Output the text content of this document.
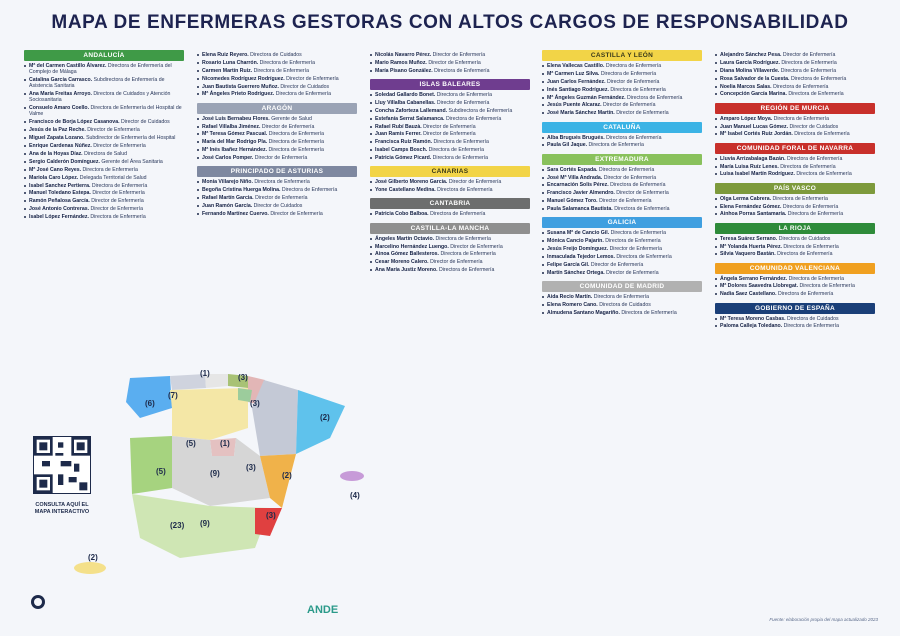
MAPA DE ENFERMERAS GESTORAS CON ALTOS CARGOS DE RESPONSABILIDAD
ANDALUCÍA
Mª del Carmen Castillo Álvarez. Directora de Enfermería del Complejo de Málaga
Catalina García Carrasco. Subdirectora de Enfermería de Asistencia Sanitaria
Ana María Freitas Arroyo. Directora de Cuidados y Atención Sociosanitaria
Consuelo Amaro Coello. Directora de Enfermería del Hospital de Valme
Francisco de Borja López Casanova. Director de Cuidados
Jesús de la Paz Reche. Director de Enfermería
Miguel Zapata Lozano. Subdirector de Enfermería del Hospital
Enrique Cardenas Núñez. Director de Enfermería
Ana de la Hoyas Díaz. Directora de Salud
Sergio Calderón Domínguez. Gerente del Área Sanitaria
Mª José Cano Reyes. Directora de Enfermería
Mariola Caro López. Delegada Territorial de Salud
Isabel Sanchez Pertierra. Directora de Enfermería
Manuel Toledano Estepa. Director de Enfermería
Ramón Peñalosa García. Director de Enfermería
José Antonio Contreras. Director de Enfermería
Isabel López Fernández. Directora de Enfermería
Elena Ruiz Reyero. Directora de Cuidados
Rosario Luna Charrón. Directora de Enfermería
Carmen Martín Ruiz. Directora de Enfermería
Nicomedes Rodríguez Rodríguez. Director de Enfermería
Juan Bautista Guerrero Muñoz. Director de Cuidados
Mª Ángeles Prieto Rodríguez. Directora de Enfermería
ARAGÓN
José Luis Bernabeu Flores. Gerente de Salud
Rafael Villalba Jiménez. Director de Enfermería
Mª Teresa Gómez Pascual. Directora de Enfermería
María del Mar Rodrigo Pla. Directora de Enfermería
Mª Inés Ibañez Hernández. Directora de Enfermería
José Carlos Pomper. Director de Enfermería
PRINCIPADO DE ASTURIAS
Monía Villarejo Niño. Directora de Enfermería
Begoña Cristina Huerga Molina. Directora de Enfermería
Rafael Martín Garcia. Director de Enfermería
Juan Ramón García. Director de Cuidados
Fernando Martínez Cuervo. Director de Enfermería
Nicolás Navarro Pérez. Director de Enfermería
Mario Ramos Muñoz. Director de Enfermería
María Pisano González. Directora de Enfermería
ISLAS BALEARES
Soledad Gallardo Bonet. Directora de Enfermería
Lluy Villalba Cabanellas. Director de Enfermería
Concha Zaforteza Lallemand. Subdirectora de Enfermería
Estefanía Serrat Salamanca. Directora de Enfermería
Rafael Rubí Bauzà. Director de Enfermería
Juan Ramis Ferrer. Director de Enfermería
Francisca Ruiz Ramón. Directora de Enfermería
Isabel Camps Bosch. Directora de Enfermería
Patricia Gómez Picard. Directora de Enfermería
CANARIAS
José Gilberto Moreno García. Director de Enfermería
Yone Castellano Medina. Directora de Enfermería
CANTABRIA
Patricia Cobo Balboa. Directora de Enfermería
CASTILLA-LA MANCHA
Ángeles Martín Octavio. Directora de Enfermería
Marcelino Hernández Luengo. Director de Enfermería
Ainoa Gómez Ballesteros. Directora de Enfermería
Cesar Moreno Calero. Director de Enfermería
Ana María Justiz Moreno. Directora de Enfermería
CASTILLA Y LEÓN
Elena Vallecas Castillo. Directora de Enfermería
Mª Carmen Luz Silva. Directora de Enfermería
Juan Carlos Fernández. Director de Enfermería
Inés Santiago Rodríguez. Directora de Enfermería
Mª Ángeles Guzmán Fernández. Directora de Enfermería
Jesús Puente Alcaraz. Director de Enfermería
José María Sánchez Martín. Director de Enfermería
CATALUÑA
Alba Brugués Brugués. Directora de Enfermería
Paula Gil Jaque. Directora de Enfermería
EXTREMADURA
Sara Cortés Espada. Directora de Enfermería
José Mª Villa Andrada. Director de Enfermería
Encarnación Solís Pérez. Directora de Enfermería
Francisco Javier Almendro. Director de Enfermería
Manuel Gómez Toro. Director de Enfermería
Paula Salamanca Bautista. Directora de Enfermería
GALICIA
Susana Mª de Cancio Gil. Directora de Enfermería
Mónica Cancio Pajarín. Directora de Enfermería
Jesús Freijo Domínguez. Director de Enfermería
Inmaculada Tejedor Lemos. Directora de Enfermería
Felipe García Gil. Director de Enfermería
Martín Sánchez Ortega. Director de Enfermería
COMUNIDAD DE MADRID
Aida Recio Martín. Directora de Enfermería
Elena Romero Cano. Directora de Cuidados
Almudena Santano Magariño. Directora de Enfermería
Alejandro Sánchez Pesa. Director de Enfermería
Laura García Rodríguez. Directora de Enfermería
Diana Molina Villaverde. Directora de Enfermería
Rosa Salvador de la Cuesta. Directora de Enfermería
Noelia Marcos Salas. Directora de Enfermería
Concepción García Marina. Directora de Enfermería
REGIÓN DE MURCIA
Amparo López Moya. Directora de Enfermería
Juan Manuel Lucas Gómez. Director de Cuidados
Mª Isabel Cortés Ruiz Jordán. Directora de Enfermería
COMUNIDAD FORAL DE NAVARRA
Lluvia Arrizabalaga Bazán. Directora de Enfermería
María Luisa Ruíz Lenes. Directora de Enfermería
Luisa Isabel Martín Rodríguez. Directora de Enfermería
PAÍS VASCO
Olga Lerma Cabrera. Directora de Enfermería
Elena Fernández Gómez. Directora de Enfermería
Ainhoa Porras Santamaría. Directora de Enfermería
LA RIOJA
Teresa Suárez Serrano. Directora de Cuidados
Mª Yolanda Huerta Pérez. Directora de Enfermería
Silvia Vaquero Bastán. Directora de Enfermería
COMUNIDAD VALENCIANA
Ángela Serrano Fernández. Directora de Enfermería
Mª Dolores Saavedra Llobregat. Directora de Enfermería
Nadia Saez Castellano. Directora de Enfermería
GOBIERNO DE ESPAÑA
Mª Teresa Moreno Casbas. Directora de Cuidados
Paloma Calleja Toledano. Directora de Enfermería
(6)
(7)
(1)	(3)
(3)
(2)
(5)	(1)
(3)
(9)
(5)	(2)
(9)
(3)
(4)
(23)
(2)
CONSULTA AQUÍ EL MAPA INTERACTIVO
ANDE
Fuente: elaboración propia del mapa actualizado 2023
